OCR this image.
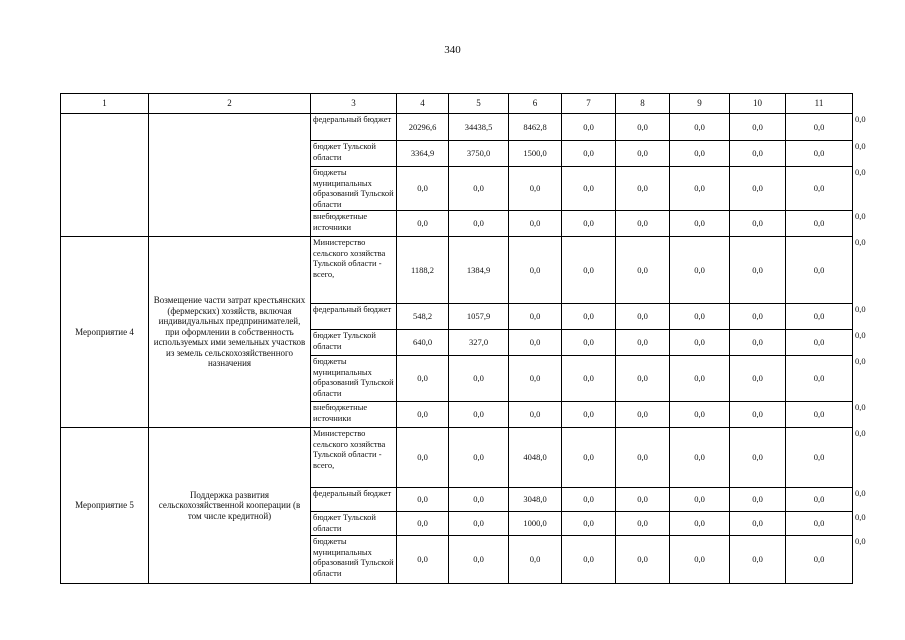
340
1	2	3	4	5	6	7	8	9	10	11	
		федеральный бюджет	20296,6	34438,5	8462,8	0,0	0,0	0,0	0,0	0,0	0,0
		бюджет Тульской области	3364,9	3750,0	1500,0	0,0	0,0	0,0	0,0	0,0	0,0
		бюджеты муниципальных образований Тульской области	0,0	0,0	0,0	0,0	0,0	0,0	0,0	0,0	0,0
		внебюджетные источники	0,0	0,0	0,0	0,0	0,0	0,0	0,0	0,0	0,0
Мероприятие 4	Возмещение части затрат крестьянских (фермерских) хозяйств, включая индивидуальных предпринимателей, при оформлении в собственность используемых ими земельных участков из земель сельскохозяйственного назначения	Министерство сельского хозяйства Тульской области - всего,	1188,2	1384,9	0,0	0,0	0,0	0,0	0,0	0,0	0,0
		федеральный бюджет	548,2	1057,9	0,0	0,0	0,0	0,0	0,0	0,0	0,0
		бюджет Тульской области	640,0	327,0	0,0	0,0	0,0	0,0	0,0	0,0	0,0
		бюджеты муниципальных образований Тульской области	0,0	0,0	0,0	0,0	0,0	0,0	0,0	0,0	0,0
		внебюджетные источники	0,0	0,0	0,0	0,0	0,0	0,0	0,0	0,0	0,0
Мероприятие 5	Поддержка развития сельскохозяйственной кооперации (в том числе кредитной)	Министерство сельского хозяйства Тульской области - всего,	0,0	0,0	4048,0	0,0	0,0	0,0	0,0	0,0	0,0
		федеральный бюджет	0,0	0,0	3048,0	0,0	0,0	0,0	0,0	0,0	0,0
		бюджет Тульской области	0,0	0,0	1000,0	0,0	0,0	0,0	0,0	0,0	0,0
		бюджеты муниципальных образований Тульской области	0,0	0,0	0,0	0,0	0,0	0,0	0,0	0,0	0,0
